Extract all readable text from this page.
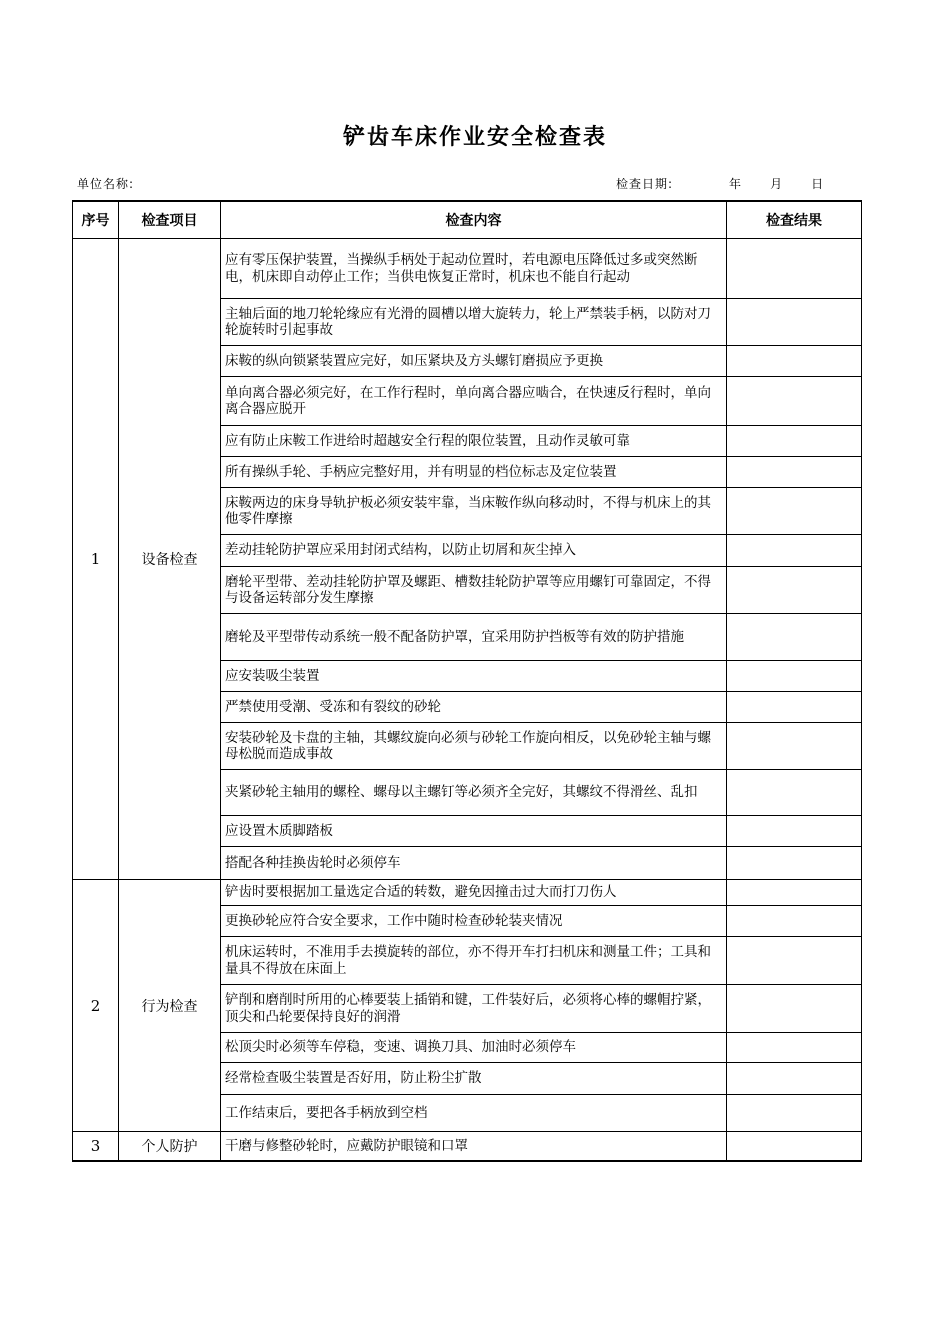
铲齿车床作业安全检查表
单位名称:	检查日期:	年 月 日
序号	检查项目	检查内容	检查结果
1	设备检查	应有零压保护装置，当操纵手柄处于起动位置时，若电源电压降低过多或突然断电，机床即自动停止工作；当供电恢复正常时，机床也不能自行起动	
		主轴后面的地刀轮轮缘应有光滑的圆槽以增大旋转力，轮上严禁装手柄，以防对刀轮旋转时引起事故	
		床鞍的纵向锁紧装置应完好，如压紧块及方头螺钉磨损应予更换	
		单向离合器必须完好，在工作行程时，单向离合器应啮合，在快速反行程时，单向离合器应脱开	
		应有防止床鞍工作进给时超越安全行程的限位装置，且动作灵敏可靠	
		所有操纵手轮、手柄应完整好用，并有明显的档位标志及定位装置	
		床鞍两边的床身导轨护板必须安装牢靠，当床鞍作纵向移动时，不得与机床上的其他零件摩擦	
		差动挂轮防护罩应采用封闭式结构，以防止切屑和灰尘掉入	
		磨轮平型带、差动挂轮防护罩及螺距、槽数挂轮防护罩等应用螺钉可靠固定，不得与设备运转部分发生摩擦	
		磨轮及平型带传动系统一般不配备防护罩，宜采用防护挡板等有效的防护措施	
		应安装吸尘装置	
		严禁使用受潮、受冻和有裂纹的砂轮	
		安装砂轮及卡盘的主轴，其螺纹旋向必须与砂轮工作旋向相反，以免砂轮主轴与螺母松脱而造成事故	
		夹紧砂轮主轴用的螺栓、螺母以主螺钉等必须齐全完好，其螺纹不得滑丝、乱扣	
		应设置木质脚踏板	
		搭配各种挂换齿轮时必须停车	
2	行为检查	铲齿时要根据加工量选定合适的转数，避免因撞击过大而打刀伤人	
		更换砂轮应符合安全要求，工作中随时检查砂轮装夹情况	
		机床运转时，不准用手去摸旋转的部位，亦不得开车打扫机床和测量工件；工具和量具不得放在床面上	
		铲削和磨削时所用的心棒要装上插销和键，工件装好后，必须将心棒的螺帽拧紧，顶尖和凸轮要保持良好的润滑	
		松顶尖时必须等车停稳，变速、调换刀具、加油时必须停车	
		经常检查吸尘装置是否好用，防止粉尘扩散	
		工作结束后，要把各手柄放到空档	
3	个人防护	干磨与修整砂轮时，应戴防护眼镜和口罩	
